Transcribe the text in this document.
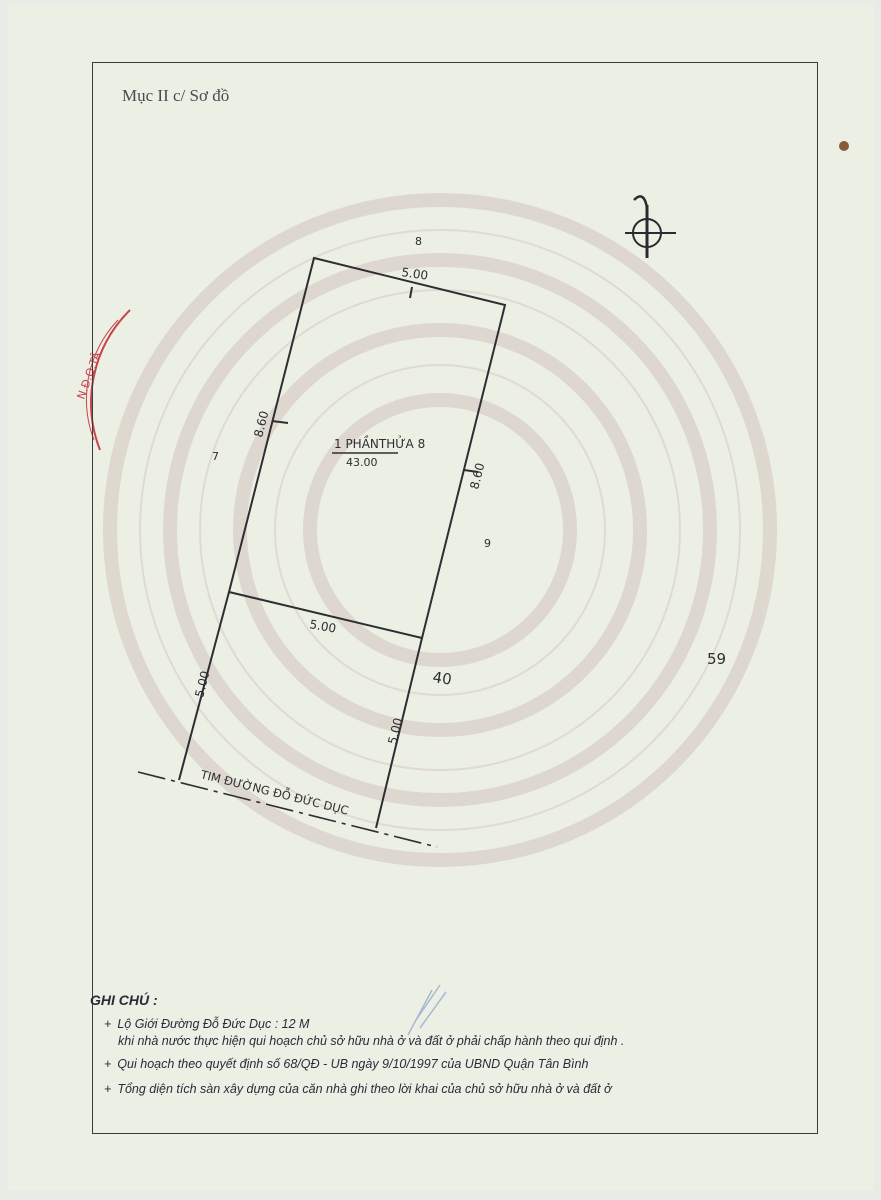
N.Đ.Q.TÂ
5.00
8.60
8.60
5.00
5.00
5.00
1 PHẦNTHỬA 8
43.00
8
7
9
40
59
TIM ĐƯỜNG ĐỖ ĐỨC DỤC
Mục II c/ Sơ đồ
GHI CHÚ :
+ Lộ Giới Đường Đỗ Đức Dục : 12 M
khi nhà nước thực hiện qui hoạch chủ sở hữu nhà ở và đất ở phải chấp hành theo qui định .
+ Qui hoạch theo quyết định số 68/QĐ - UB ngày 9/10/1997 của UBND Quận Tân Bình
+ Tổng diện tích sàn xây dựng của căn nhà ghi theo lời khai của chủ sở hữu nhà ở và đất ở
